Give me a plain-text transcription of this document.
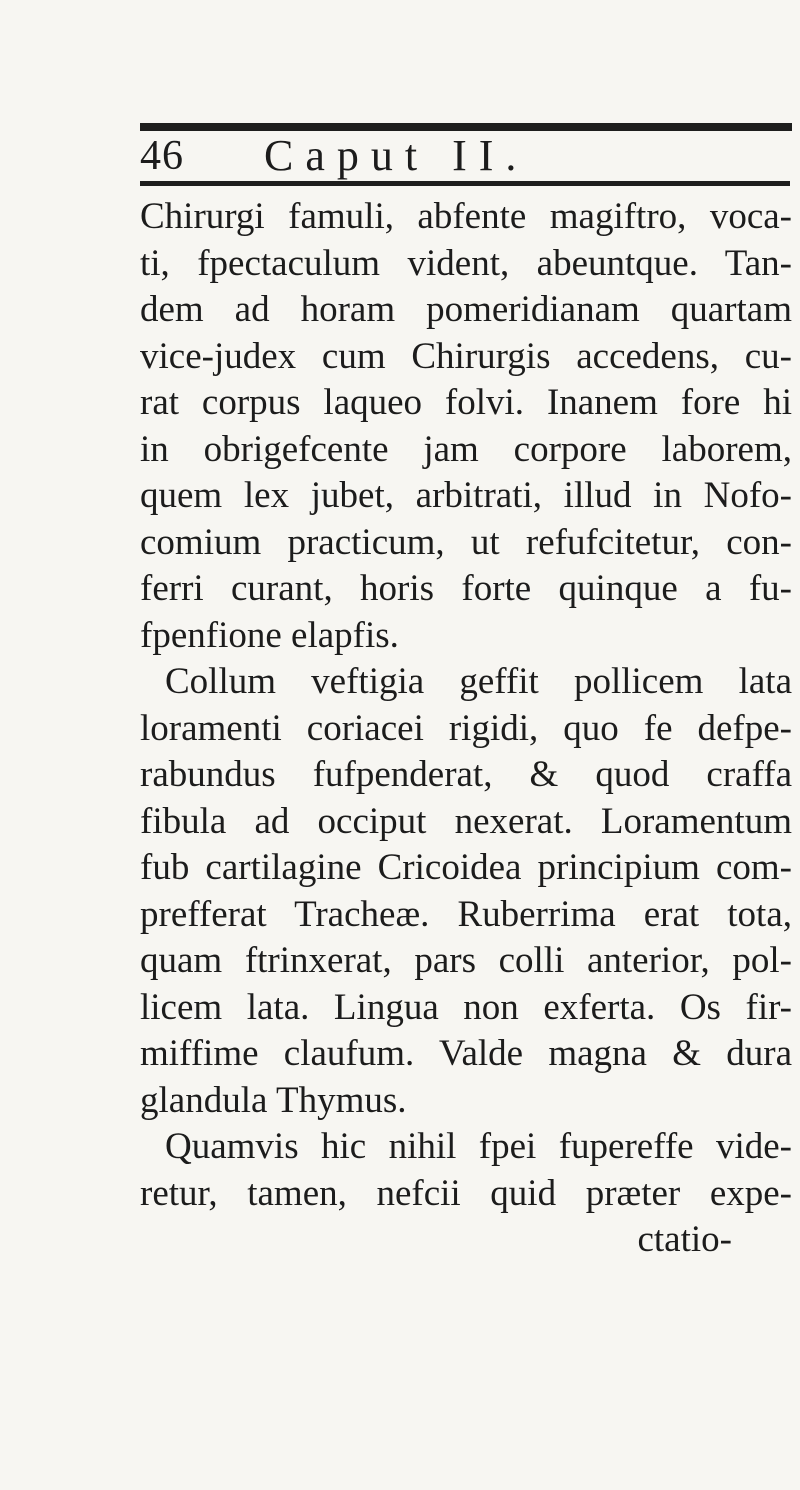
46 Caput II.
Chirurgi famuli, abfente magiftro, voca-
ti, fpectaculum vident, abeuntque. Tan-
dem ad horam pomeridianam quartam
vice-judex cum Chirurgis accedens, cu-
rat corpus laqueo folvi. Inanem fore hi
in obrigefcente jam corpore laborem,
quem lex jubet, arbitrati, illud in Nofo-
comium practicum, ut refufcitetur, con-
ferri curant, horis forte quinque a fu-
fpenfione elapfis.
Collum veftigia geffit pollicem lata
loramenti coriacei rigidi, quo fe defpe-
rabundus fufpenderat, & quod craffa
fibula ad occiput nexerat. Loramentum
fub cartilagine Cricoidea principium com-
prefferat Tracheæ. Ruberrima erat tota,
quam ftrinxerat, pars colli anterior, pol-
licem lata. Lingua non exferta. Os fir-
miffime claufum. Valde magna & dura
glandula Thymus.
Quamvis hic nihil fpei fupereffe vide-
retur, tamen, nefcii quid præter expe-
ctatio-
